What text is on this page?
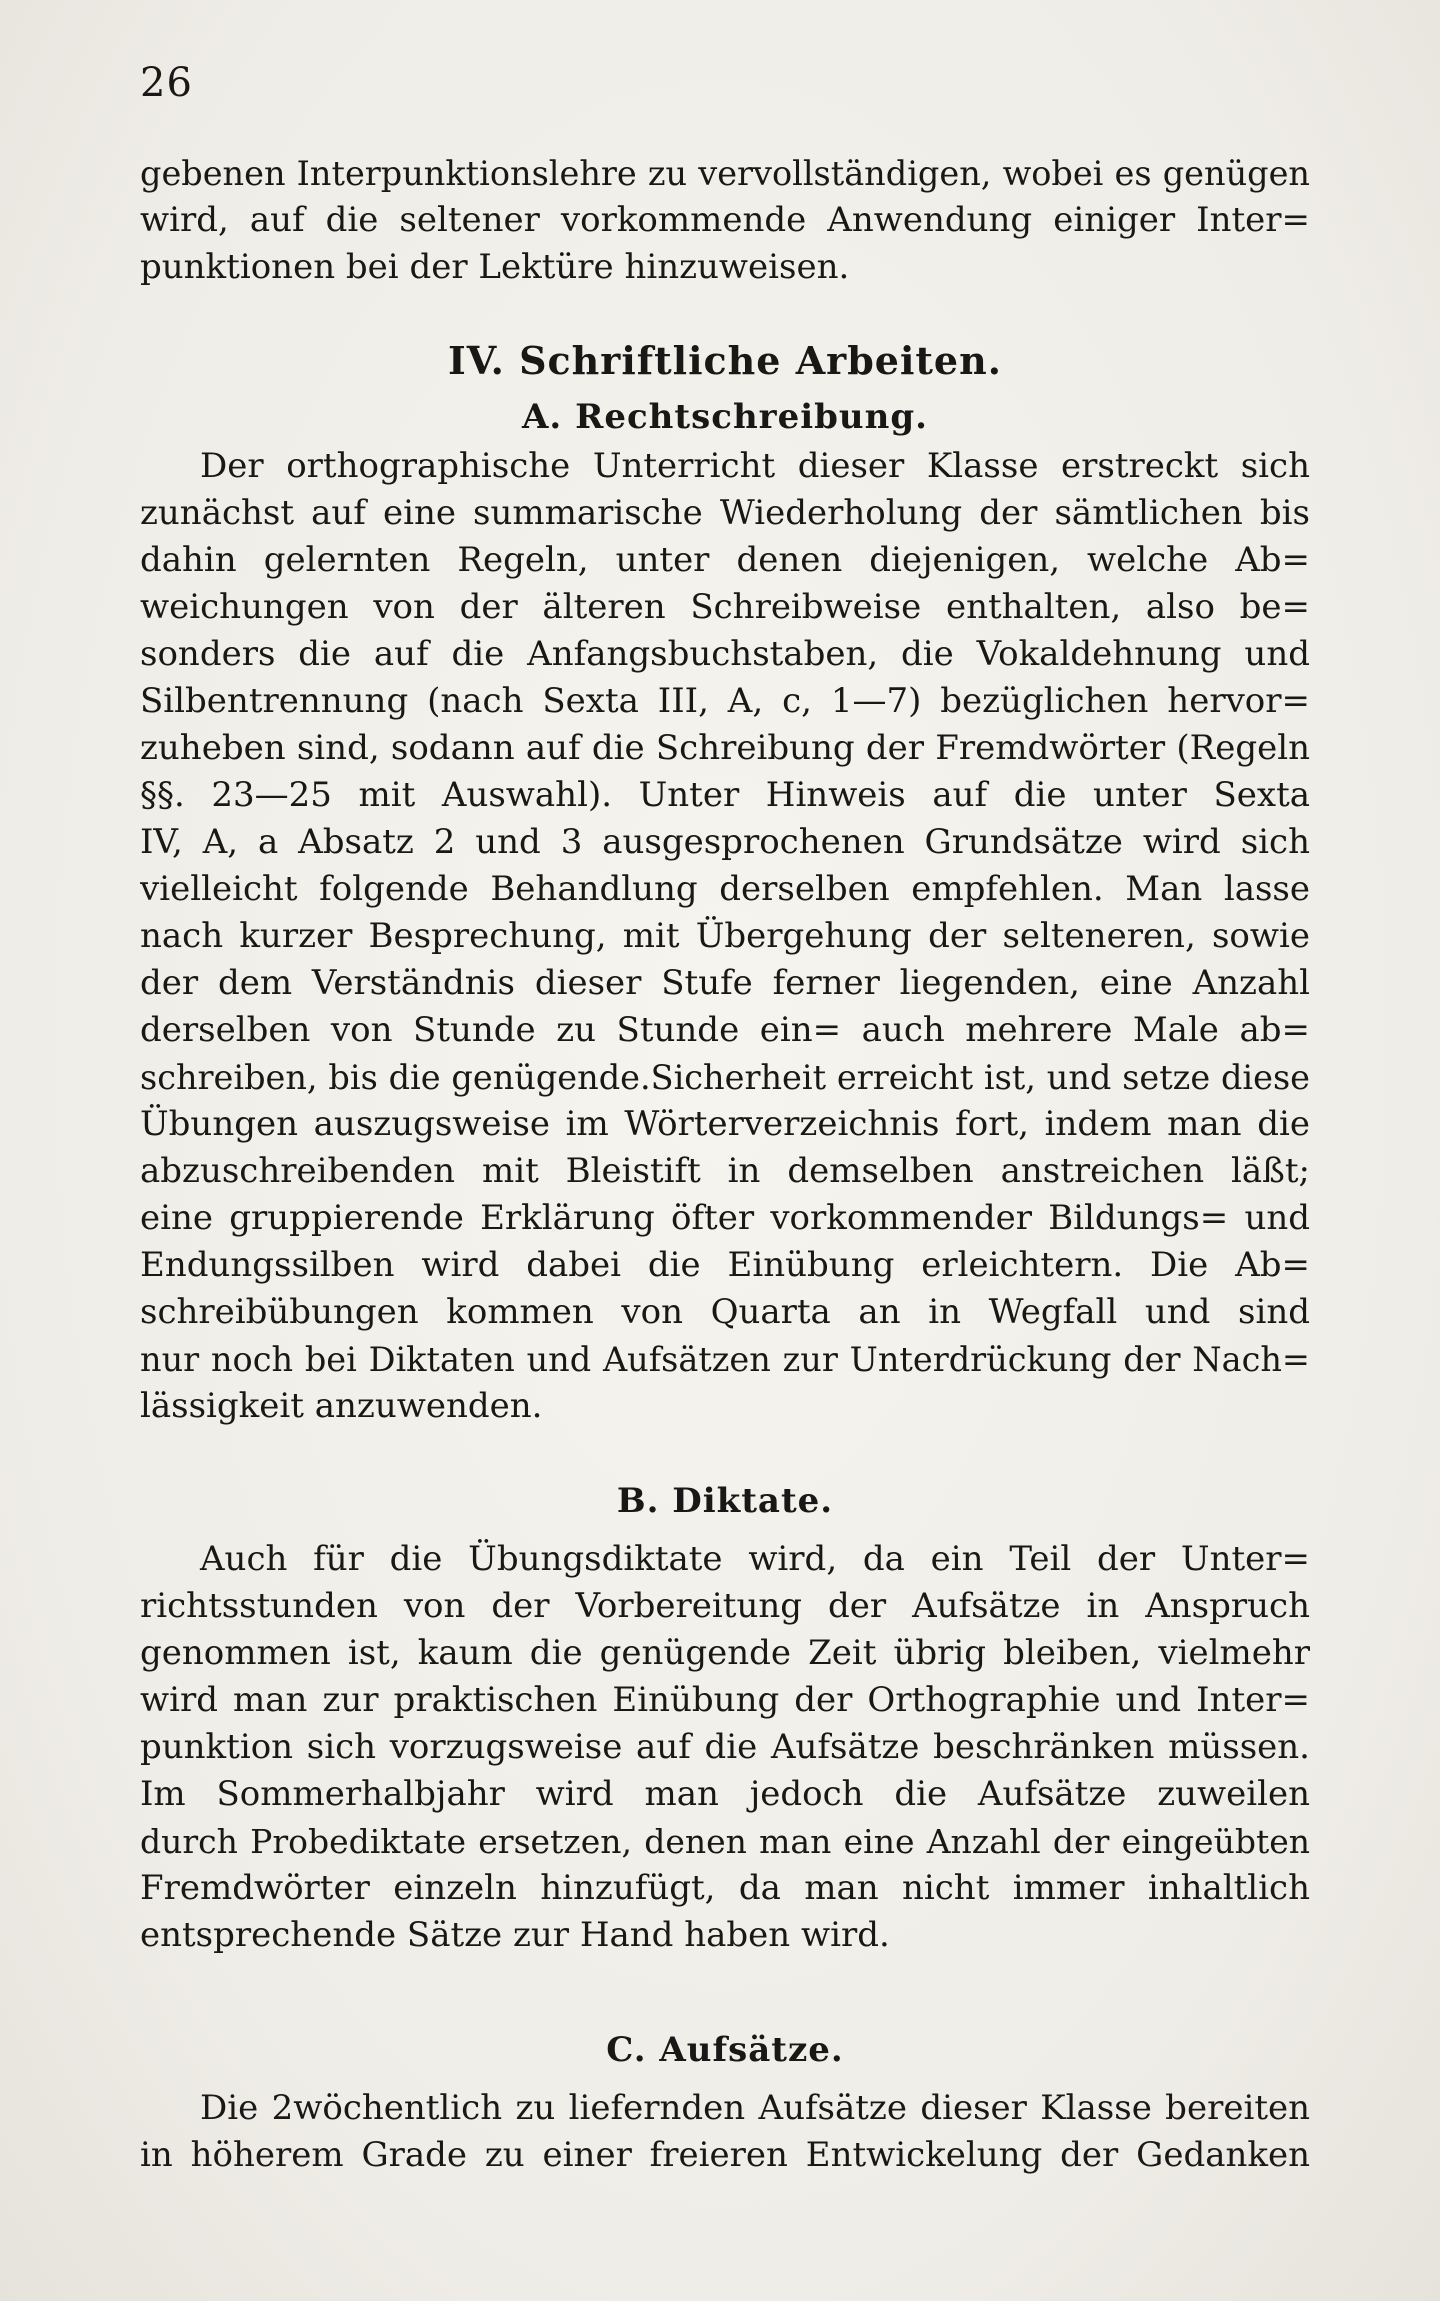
26
gebenen Interpunktionslehre zu vervollständigen, wobei es genügen
wird, auf die seltener vorkommende Anwendung einiger Inter=
punktionen bei der Lektüre hinzuweisen.
IV. Schriftliche Arbeiten.
A. Rechtschreibung.
Der orthographische Unterricht dieser Klasse erstreckt sich
zunächst auf eine summarische Wiederholung der sämtlichen bis
dahin gelernten Regeln, unter denen diejenigen, welche Ab=
weichungen von der älteren Schreibweise enthalten, also be=
sonders die auf die Anfangsbuchstaben, die Vokaldehnung und
Silbentrennung (nach Sexta III, A, c, 1—7) bezüglichen hervor=
zuheben sind, sodann auf die Schreibung der Fremdwörter (Regeln
§§. 23—25 mit Auswahl). Unter Hinweis auf die unter Sexta
IV, A, a Absatz 2 und 3 ausgesprochenen Grundsätze wird sich
vielleicht folgende Behandlung derselben empfehlen. Man lasse
nach kurzer Besprechung, mit Übergehung der selteneren, sowie
der dem Verständnis dieser Stufe ferner liegenden, eine Anzahl
derselben von Stunde zu Stunde ein= auch mehrere Male ab=
schreiben, bis die genügende.Sicherheit erreicht ist, und setze diese
Übungen auszugsweise im Wörterverzeichnis fort, indem man die
abzuschreibenden mit Bleistift in demselben anstreichen läßt;
eine gruppierende Erklärung öfter vorkommender Bildungs= und
Endungssilben wird dabei die Einübung erleichtern. Die Ab=
schreibübungen kommen von Quarta an in Wegfall und sind
nur noch bei Diktaten und Aufsätzen zur Unterdrückung der Nach=
lässigkeit anzuwenden.
B. Diktate.
Auch für die Übungsdiktate wird, da ein Teil der Unter=
richtsstunden von der Vorbereitung der Aufsätze in Anspruch
genommen ist, kaum die genügende Zeit übrig bleiben, vielmehr
wird man zur praktischen Einübung der Orthographie und Inter=
punktion sich vorzugsweise auf die Aufsätze beschränken müssen.
Im Sommerhalbjahr wird man jedoch die Aufsätze zuweilen
durch Probediktate ersetzen, denen man eine Anzahl der eingeübten
Fremdwörter einzeln hinzufügt, da man nicht immer inhaltlich
entsprechende Sätze zur Hand haben wird.
C. Aufsätze.
Die 2wöchentlich zu liefernden Aufsätze dieser Klasse bereiten
in höherem Grade zu einer freieren Entwickelung der Gedanken
